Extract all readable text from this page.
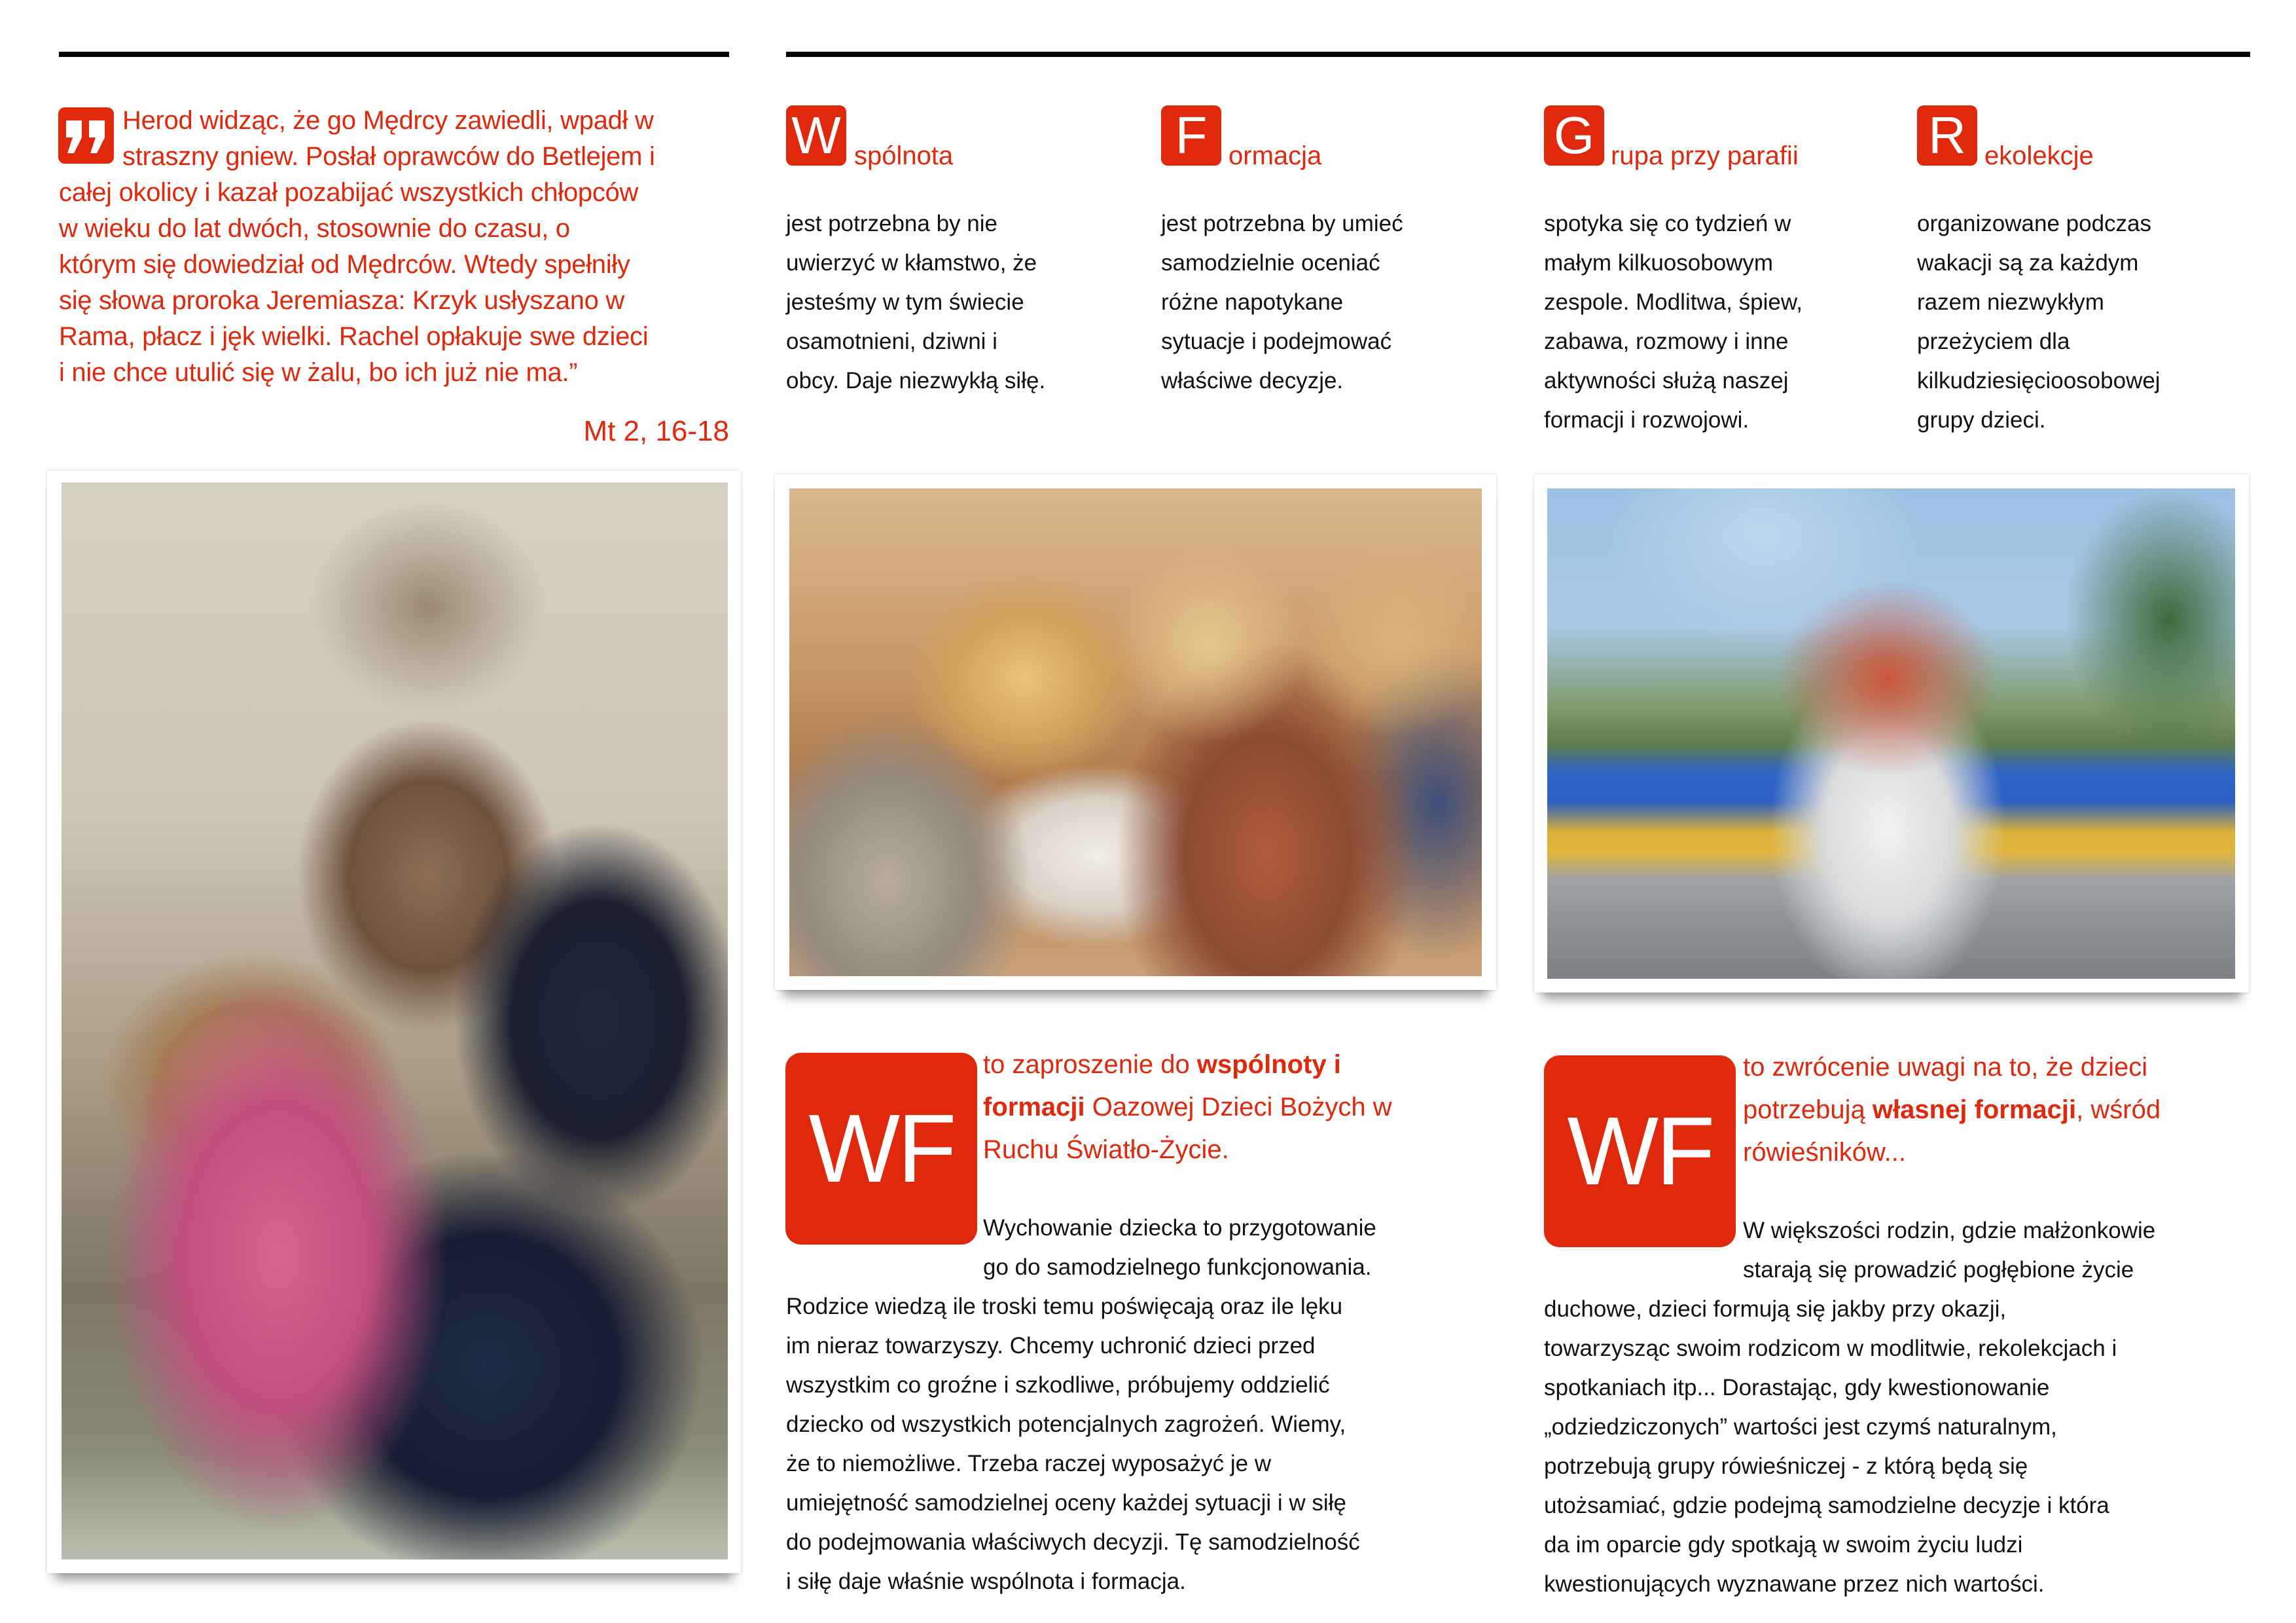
Herod widząc, że go Mędrcy zawiedli, wpadł w
straszny gniew. Posłał oprawców do Betlejem i
całej okolicy i kazał pozabijać wszystkich chłopców
w wieku do lat dwóch, stosownie do czasu, o
którym się dowiedział od Mędrców. Wtedy spełniły
się słowa proroka Jeremiasza: Krzyk usłyszano w
Rama, płacz i jęk wielki. Rachel opłakuje swe dzieci
i nie chce utulić się w żalu, bo ich już nie ma.”
Mt 2, 16-18
W spólnota
jest potrzebna by nie
uwierzyć w kłamstwo, że
jesteśmy w tym świecie
osamotnieni, dziwni i
obcy. Daje niezwykłą siłę.
F ormacja
jest potrzebna by umieć
samodzielnie oceniać
różne napotykane
sytuacje i podejmować
właściwe decyzje.
G rupa przy parafii
spotyka się co tydzień w
małym kilkuosobowym
zespole. Modlitwa, śpiew,
zabawa, rozmowy i inne
aktywności służą naszej
formacji i rozwojowi.
R ekolekcje
organizowane podczas
wakacji są za każdym
razem niezwykłym
przeżyciem dla
kilkudziesięcioosobowej
grupy dzieci.
WF
to zaproszenie do wspólnoty i
formacji Oazowej Dzieci Bożych w
Ruchu Światło-Życie.
Wychowanie dziecka to przygotowanie
go do samodzielnego funkcjonowania.
Rodzice wiedzą ile troski temu poświęcają oraz ile lęku
im nieraz towarzyszy. Chcemy uchronić dzieci przed
wszystkim co groźne i szkodliwe, próbujemy oddzielić
dziecko od wszystkich potencjalnych zagrożeń. Wiemy,
że to niemożliwe. Trzeba raczej wyposażyć je w
umiejętność samodzielnej oceny każdej sytuacji i w siłę
do podejmowania właściwych decyzji. Tę samodzielność
i siłę daje właśnie wspólnota i formacja.
WF
to zwrócenie uwagi na to, że dzieci
potrzebują własnej formacji, wśród
rówieśników...
W większości rodzin, gdzie małżonkowie
starają się prowadzić pogłębione życie
duchowe, dzieci formują się jakby przy okazji,
towarzysząc swoim rodzicom w modlitwie, rekolekcjach i
spotkaniach itp... Dorastając, gdy kwestionowanie
„odziedziczonych” wartości jest czymś naturalnym,
potrzebują grupy rówieśniczej - z którą będą się
utożsamiać, gdzie podejmą samodzielne decyzje i która
da im oparcie gdy spotkają w swoim życiu ludzi
kwestionujących wyznawane przez nich wartości.
